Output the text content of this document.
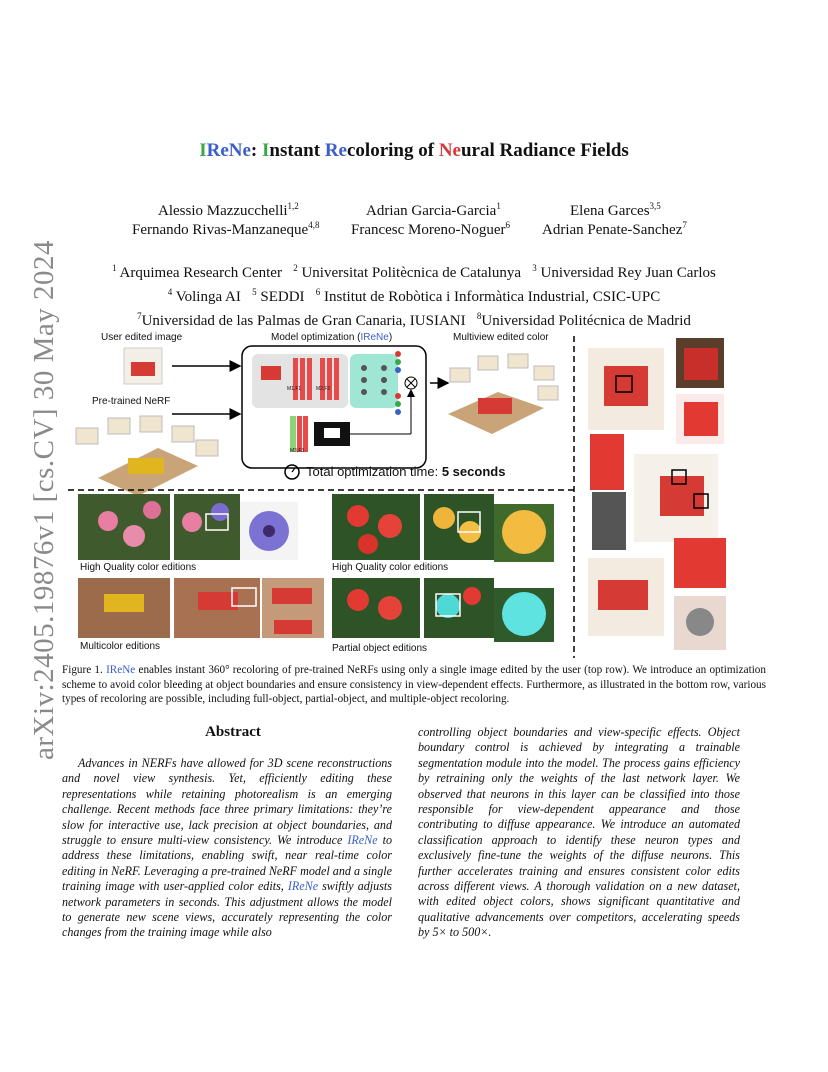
arXiv:2405.19876v1 [cs.CV] 30 May 2024
IReNe: Instant Recoloring of Neural Radiance Fields
Alessio Mazzucchelli$^{1,2}$	Adrian Garcia-Garcia$^1$	Elena Garces$^{3,5}$
Fernando Rivas-Manzaneque$^{4,8}$ Francesc Moreno-Noguer$^6$ Adrian Penate-Sanchez$^7$
$^1$ Arquimea Research Center   $^2$ Universitat Politècnica de Catalunya   $^3$ Universidad Rey Juan Carlos
$^4$ Volinga AI   $^5$ SEDDI   $^6$ Institut de Robòtica i Informàtica Industrial, CSIC-UPC
$^7$Universidad de las Palmas de Gran Canaria, IUSIANI   $^8$Universidad Politécnica de Madrid
User edited image	Model optimization (IReNe)	Multiview edited color
Pre-trained NeRF
M1,F1	M2,F2
M3,F3
Total optimization time: 5 seconds
High Quality color editions	High Quality color editions
Multicolor editions	Partial object editions
Figure 1. IReNe enables instant 360° recoloring of pre-trained NeRFs using only a single image edited by the user (top row). We introduce an optimization scheme to avoid color bleeding at object boundaries and ensure consistency in view-dependent effects. Furthermore, as illustrated in the bottom row, various types of recoloring are possible, including full-object, partial-object, and multiple-object recoloring.
Abstract
Advances in NERFs have allowed for 3D scene reconstructions and novel view synthesis. Yet, efficiently editing these representations while retaining photorealism is an emerging challenge. Recent methods face three primary limitations: they’re slow for interactive use, lack precision at object boundaries, and struggle to ensure multi-view consistency. We introduce IReNe to address these limitations, enabling swift, near real-time color editing in NeRF. Leveraging a pre-trained NeRF model and a single training image with user-applied color edits, IReNe swiftly adjusts network parameters in seconds. This adjustment allows the model to generate new scene views, accurately representing the color changes from the training image while also
controlling object boundaries and view-specific effects. Object boundary control is achieved by integrating a trainable segmentation module into the model. The process gains efficiency by retraining only the weights of the last network layer. We observed that neurons in this layer can be classified into those responsible for view-dependent appearance and those contributing to diffuse appearance. We introduce an automated classification approach to identify these neuron types and exclusively fine-tune the weights of the diffuse neurons. This further accelerates training and ensures consistent color edits across different views. A thorough validation on a new dataset, with edited object colors, shows significant quantitative and qualitative advancements over competitors, accelerating speeds by 5× to 500×.
